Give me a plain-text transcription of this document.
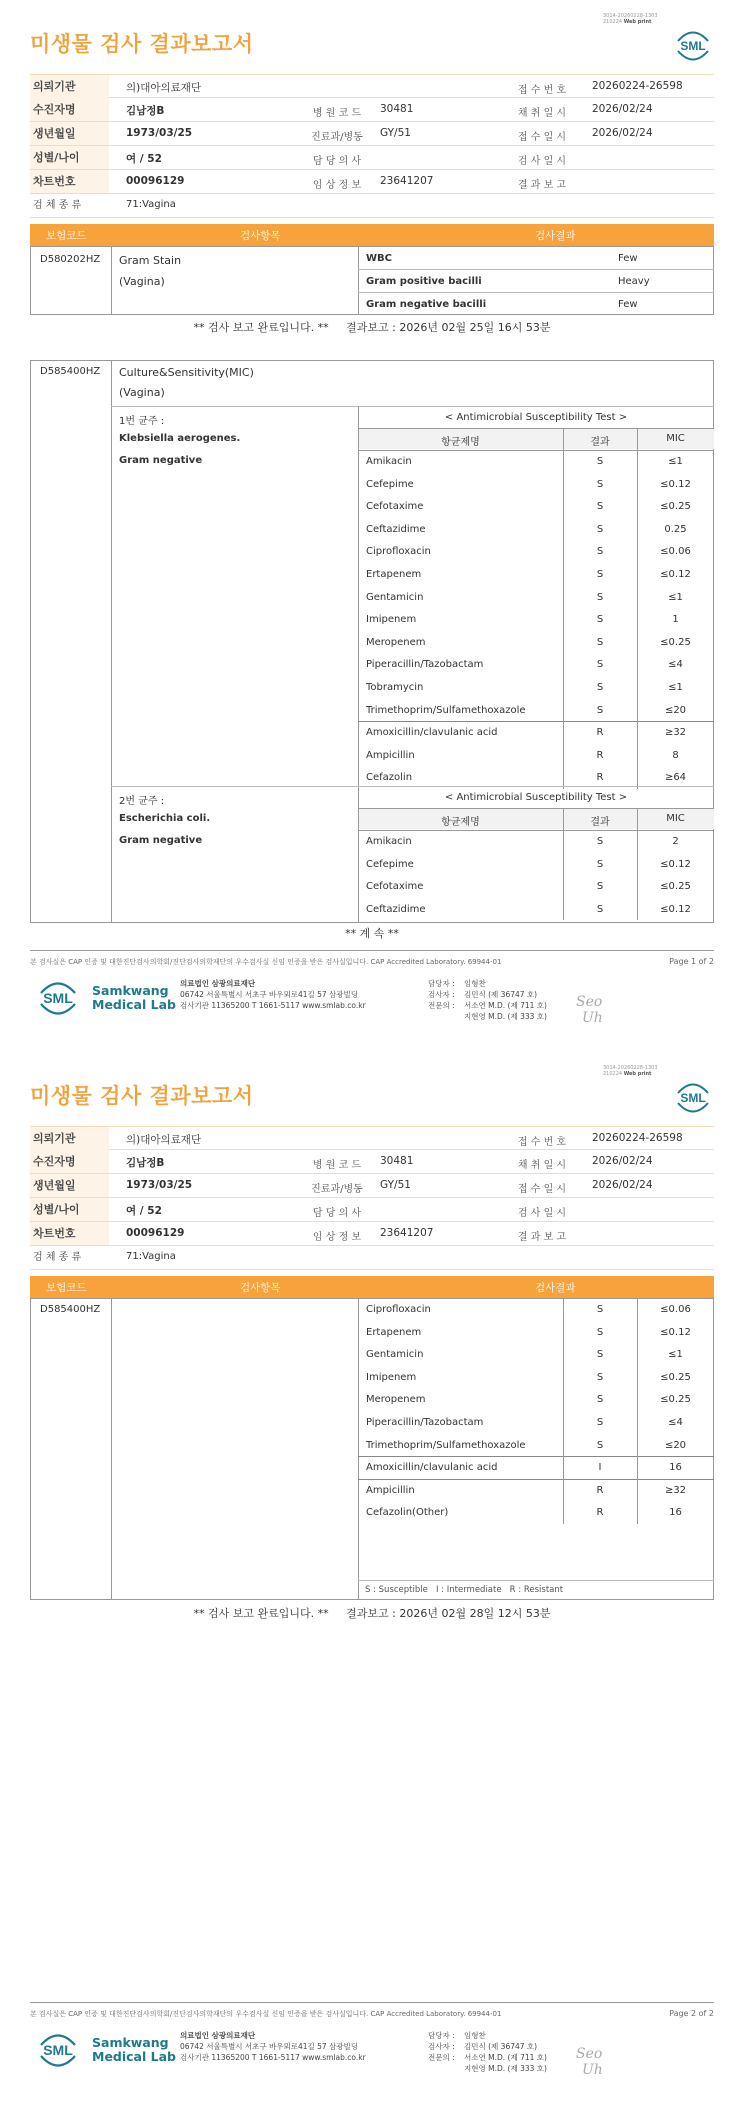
3014-20260228-1303
210224 Web print
미생물 검사 결과보고서	SML
의뢰기관	의)대아의료재단	접 수 번 호	20260224-26598
수진자명	김남정B	병 원 코 드	30481	채 취 일 시	2026/02/24
생년월일	1973/03/25	진료과/병동	GY/51	접 수 일 시	2026/02/24
성별/나이	여 / 52	담 당 의 사	검 사 일 시
차트번호	00096129	임 상 정 보	23641207	결 과 보 고
검 체 종 류	71:Vagina
보험코드	검사항목	검사결과
D580202HZ Gram Stain
(Vagina)
WBC	Few
Gram positive bacilli	Heavy
Gram negative bacilli	Few
** 검사 보고 완료입니다. **     결과보고 : 2026년 02월 25일 16시 53분
D585400HZ Culture&Sensitivity(MIC)
(Vagina)
1번 균주 :
Klebsiella aerogenes.
Gram negative
< Antimicrobial Susceptibility Test >
항균제명	결과	MIC
Amikacin	S	≤1
Cefepime	S	≤0.12
Cefotaxime	S	≤0.25
Ceftazidime	S	0.25
Ciprofloxacin	S	≤0.06
Ertapenem	S	≤0.12
Gentamicin	S	≤1
Imipenem	S	1
Meropenem	S	≤0.25
Piperacillin/Tazobactam	S	≤4
Tobramycin	S	≤1
Trimethoprim/Sulfamethoxazole	S	≤20
Amoxicillin/clavulanic acid	R	≥32
Ampicillin	R	8
Cefazolin	R	≥64
2번 균주 :
Escherichia coli.
Gram negative
< Antimicrobial Susceptibility Test >
항균제명	결과	MIC
Amikacin	S	2
Cefepime	S	≤0.12
Cefotaxime	S	≤0.25
Ceftazidime	S	≤0.12
** 계 속 **
본 검사실은 CAP 인증 및 대한진단검사의학회/진단검사의학재단의 우수검사실 신임 인증을 받은 검사실입니다. CAP Accredited Laboratory. 69944-01	Page 1 of 2
SML Samkwang
Medical Lab
의료법인 삼광의료재단
06742 서울특별시 서초구 바우뫼로41길 57 삼광빌딩
검사기관 11365200 T 1661-5117 www.smlab.co.kr
담당자 : 임형찬
검사자 : 김민식 (제 36747 호)
전문의 : 서소연 M.D. (제 711 호)
지현영 M.D. (제 333 호)
Seo
Uh
3014-20260228-1303
210224 Web print
미생물 검사 결과보고서	SML
의뢰기관	의)대아의료재단	접 수 번 호	20260224-26598
수진자명	김남정B	병 원 코 드	30481	채 취 일 시	2026/02/24
생년월일	1973/03/25	진료과/병동	GY/51	접 수 일 시	2026/02/24
성별/나이	여 / 52	담 당 의 사	검 사 일 시
차트번호	00096129	임 상 정 보	23641207	결 과 보 고
검 체 종 류	71:Vagina
보험코드	검사항목	검사결과
D585400HZ	Ciprofloxacin	S	≤0.06
Ertapenem	S	≤0.12
Gentamicin	S	≤1
Imipenem	S	≤0.25
Meropenem	S	≤0.25
Piperacillin/Tazobactam	S	≤4
Trimethoprim/Sulfamethoxazole	S	≤20
Amoxicillin/clavulanic acid	I	16
Ampicillin	R	≥32
Cefazolin(Other)	R	16
S : Susceptible   I : Intermediate   R : Resistant
** 검사 보고 완료입니다. **     결과보고 : 2026년 02월 28일 12시 53분
본 검사실은 CAP 인증 및 대한진단검사의학회/진단검사의학재단의 우수검사실 신임 인증을 받은 검사실입니다. CAP Accredited Laboratory. 69944-01	Page 2 of 2
SML Samkwang
Medical Lab
의료법인 삼광의료재단
06742 서울특별시 서초구 바우뫼로41길 57 삼광빌딩
검사기관 11365200 T 1661-5117 www.smlab.co.kr
담당자 : 임형찬
검사자 : 김민식 (제 36747 호)
전문의 : 서소연 M.D. (제 711 호)
지현영 M.D. (제 333 호)
Seo
Uh
